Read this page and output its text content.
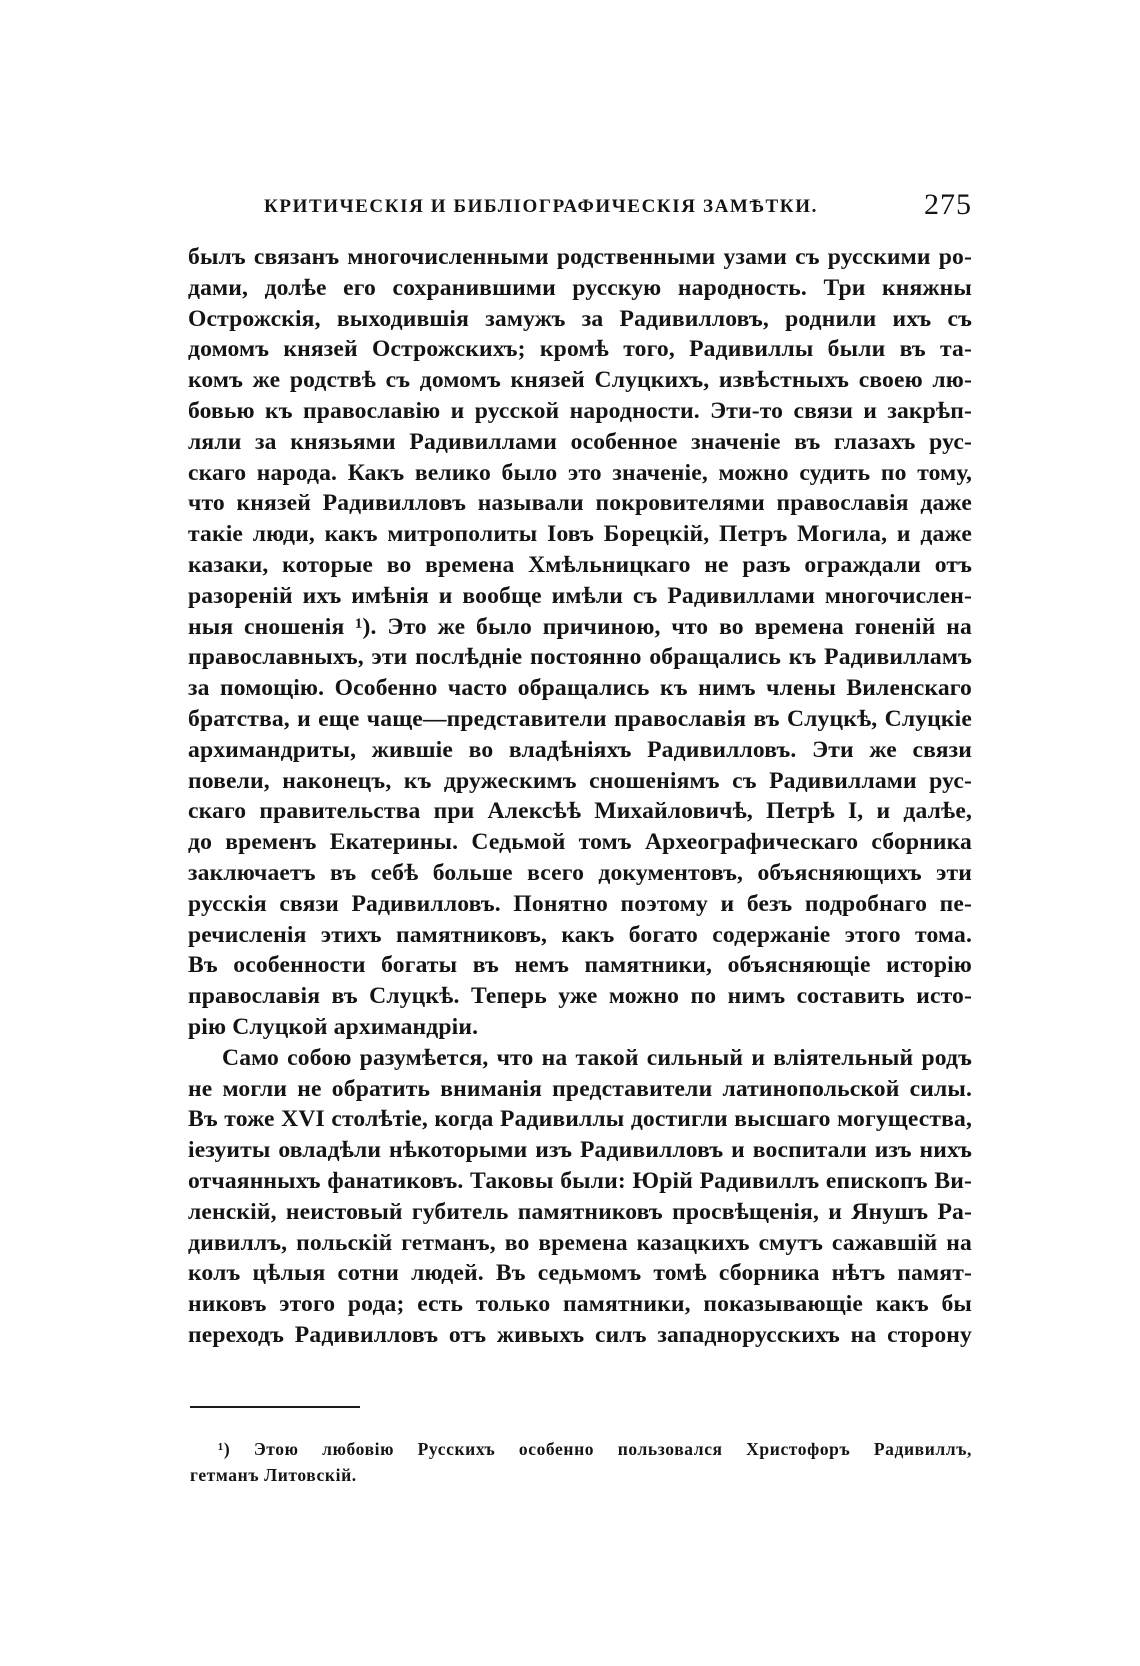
КРИТИЧЕСКІЯ И БИБЛІОГРАФИЧЕСКІЯ ЗАМѢТКИ.	275

былъ связанъ многочисленными родственными узами съ русскими ро-

дами, долѣе его сохранившими русскую народность. Три княжны

Острожскія, выходившія замужъ за Радивилловъ, роднили ихъ съ

домомъ князей Острожскихъ; кромѣ того, Радивиллы были въ та-

комъ же родствѣ съ домомъ князей Слуцкихъ, извѣстныхъ своею лю-

бовью къ православію и русской народности. Эти-то связи и закрѣп-

ляли за князьями Радивиллами особенное значеніе въ глазахъ рус-

скаго народа. Какъ велико было это значеніе, можно судить по тому,

что князей Радивилловъ называли покровителями православія даже

такіе люди, какъ митрополиты Іовъ Борецкій, Петръ Могила, и даже

казаки, которые во времена Хмѣльницкаго не разъ ограждали отъ

разореній ихъ имѣнія и вообще имѣли съ Радивиллами многочислен-

ныя сношенія ¹). Это же было причиною, что во времена гоненій на

православныхъ, эти послѣдніе постоянно обращались къ Радивилламъ

за помощію. Особенно часто обращались къ нимъ члены Виленскаго

братства, и еще чаще—представители православія въ Слуцкѣ, Слуцкіе

архимандриты, жившіе во владѣніяхъ Радивилловъ. Эти же связи

повели, наконецъ, къ дружескимъ сношеніямъ съ Радивиллами рус-

скаго правительства при Алексѣѣ Михайловичѣ, Петрѣ I, и далѣе,

до временъ Екатерины. Седьмой томъ Археографическаго сборника

заключаетъ въ себѣ больше всего документовъ, объясняющихъ эти

русскія связи Радивилловъ. Понятно поэтому и безъ подробнаго пе-

речисленія этихъ памятниковъ, какъ богато содержаніе этого тома.

Въ особенности богаты въ немъ памятники, объясняющіе исторію

православія въ Слуцкѣ. Теперь уже можно по нимъ составить исто-

рію Слуцкой архимандріи.

Само собою разумѣется, что на такой сильный и вліятельный родъ

не могли не обратить вниманія представители латинопольской силы.

Въ тоже XVI столѣтіе, когда Радивиллы достигли высшаго могущества,

іезуиты овладѣли нѣкоторыми изъ Радивилловъ и воспитали изъ нихъ

отчаянныхъ фанатиковъ. Таковы были: Юрій Радивиллъ епископъ Ви-

ленскій, неистовый губитель памятниковъ просвѣщенія, и Янушъ Ра-

дивиллъ, польскій гетманъ, во времена казацкихъ смутъ сажавшій на

колъ цѣлыя сотни людей. Въ седьмомъ томѣ сборника нѣтъ памят-

никовъ этого рода; есть только памятники, показывающіе какъ бы

переходъ Радивилловъ отъ живыхъ силъ западнорусскихъ на сторону

¹) Этою любовію Русскихъ особенно пользовался Христофоръ Радивиллъ,

гетманъ Литовскій.
